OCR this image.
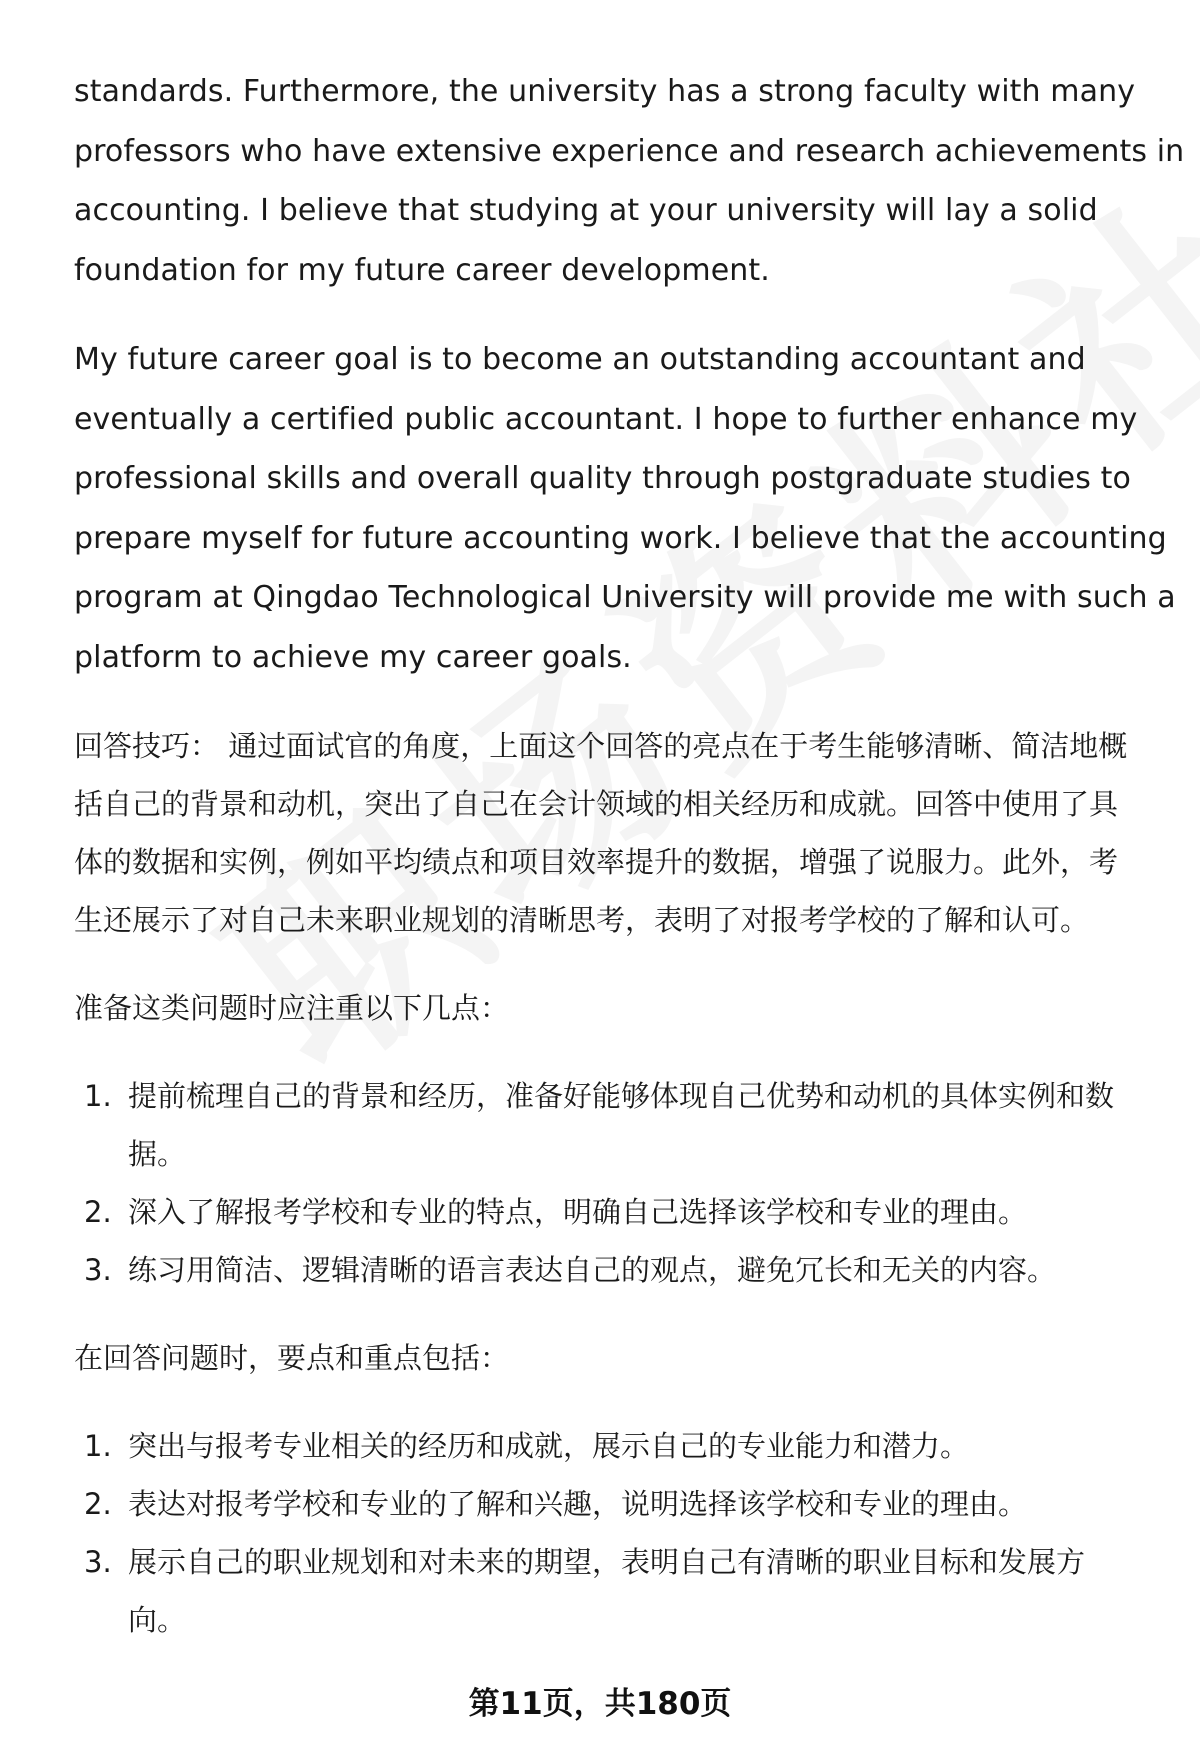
standards. Furthermore, the university has a strong faculty with many
professors who have extensive experience and research achievements in
accounting. I believe that studying at your university will lay a solid
foundation for my future career development.

My future career goal is to become an outstanding accountant and
eventually a certified public accountant. I hope to further enhance my
professional skills and overall quality through postgraduate studies to
prepare myself for future accounting work. I believe that the accounting
program at Qingdao Technological University will provide me with such a
platform to achieve my career goals.

回答技巧： 通过面试官的角度，上面这个回答的亮点在于考生能够清晰、简洁地概
括自己的背景和动机，突出了自己在会计领域的相关经历和成就。回答中使用了具
体的数据和实例，例如平均绩点和项目效率提升的数据，增强了说服力。此外，考
生还展示了对自己未来职业规划的清晰思考，表明了对报考学校的了解和认可。

准备这类问题时应注重以下几点：

1. 提前梳理自己的背景和经历，准备好能够体现自己优势和动机的具体实例和数
据。
2. 深入了解报考学校和专业的特点，明确自己选择该学校和专业的理由。
3. 练习用简洁、逻辑清晰的语言表达自己的观点，避免冗长和无关的内容。

在回答问题时，要点和重点包括：

1. 突出与报考专业相关的经历和成就，展示自己的专业能力和潜力。
2. 表达对报考学校和专业的了解和兴趣，说明选择该学校和专业的理由。
3. 展示自己的职业规划和对未来的期望，表明自己有清晰的职业目标和发展方
向。
第11页，共180页
